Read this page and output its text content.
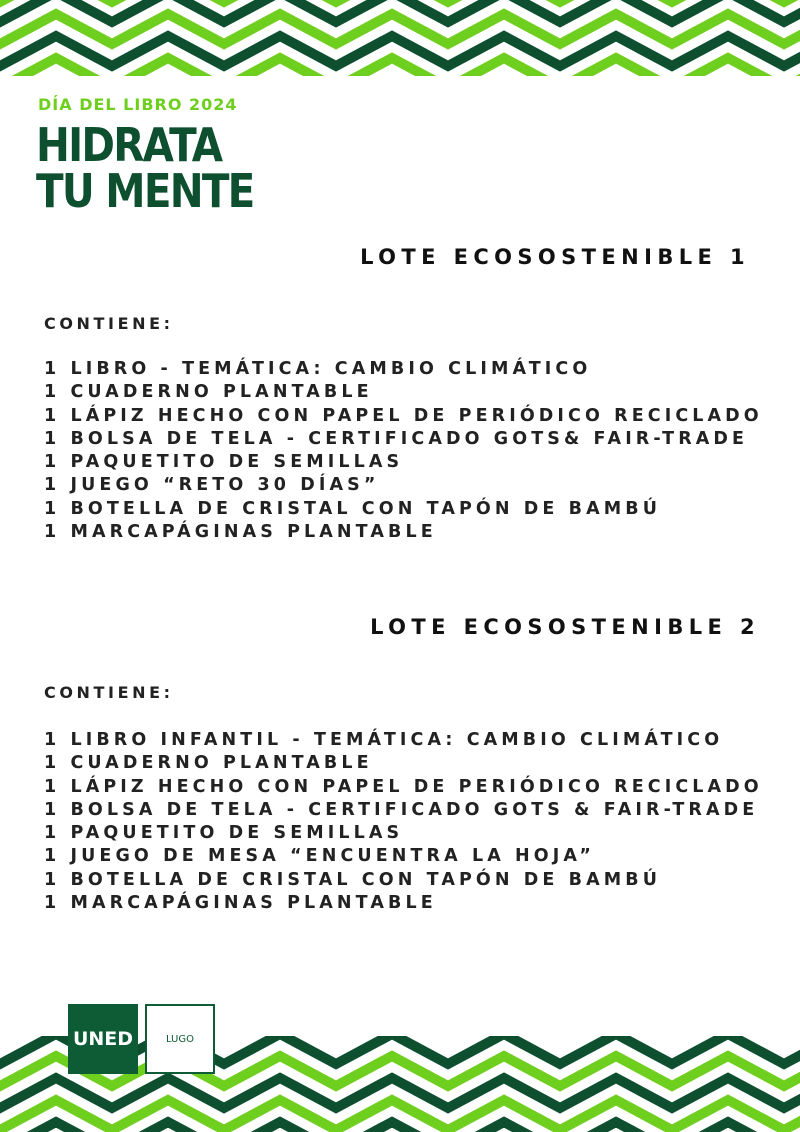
DÍA DEL LIBRO 2024

HIDRATA
TU MENTE
LOTE ECOSOSTENIBLE 1

CONTIENE:

1 LIBRO - TEMÁTICA: CAMBIO CLIMÁTICO
1 CUADERNO PLANTABLE
1 LÁPIZ HECHO CON PAPEL DE PERIÓDICO RECICLADO
1 BOLSA DE TELA - CERTIFICADO GOTS& FAIR-TRADE
1 PAQUETITO DE SEMILLAS
1 JUEGO “RETO 30 DÍAS”
1 BOTELLA DE CRISTAL CON TAPÓN DE BAMBÚ
1 MARCAPÁGINAS PLANTABLE
LOTE ECOSOSTENIBLE 2

CONTIENE:

1 LIBRO INFANTIL - TEMÁTICA: CAMBIO CLIMÁTICO
1 CUADERNO PLANTABLE
1 LÁPIZ HECHO CON PAPEL DE PERIÓDICO RECICLADO
1 BOLSA DE TELA - CERTIFICADO GOTS & FAIR-TRADE
1 PAQUETITO DE SEMILLAS
1 JUEGO DE MESA “ENCUENTRA LA HOJA”
1 BOTELLA DE CRISTAL CON TAPÓN DE BAMBÚ
1 MARCAPÁGINAS PLANTABLE
UNED	LUGO
